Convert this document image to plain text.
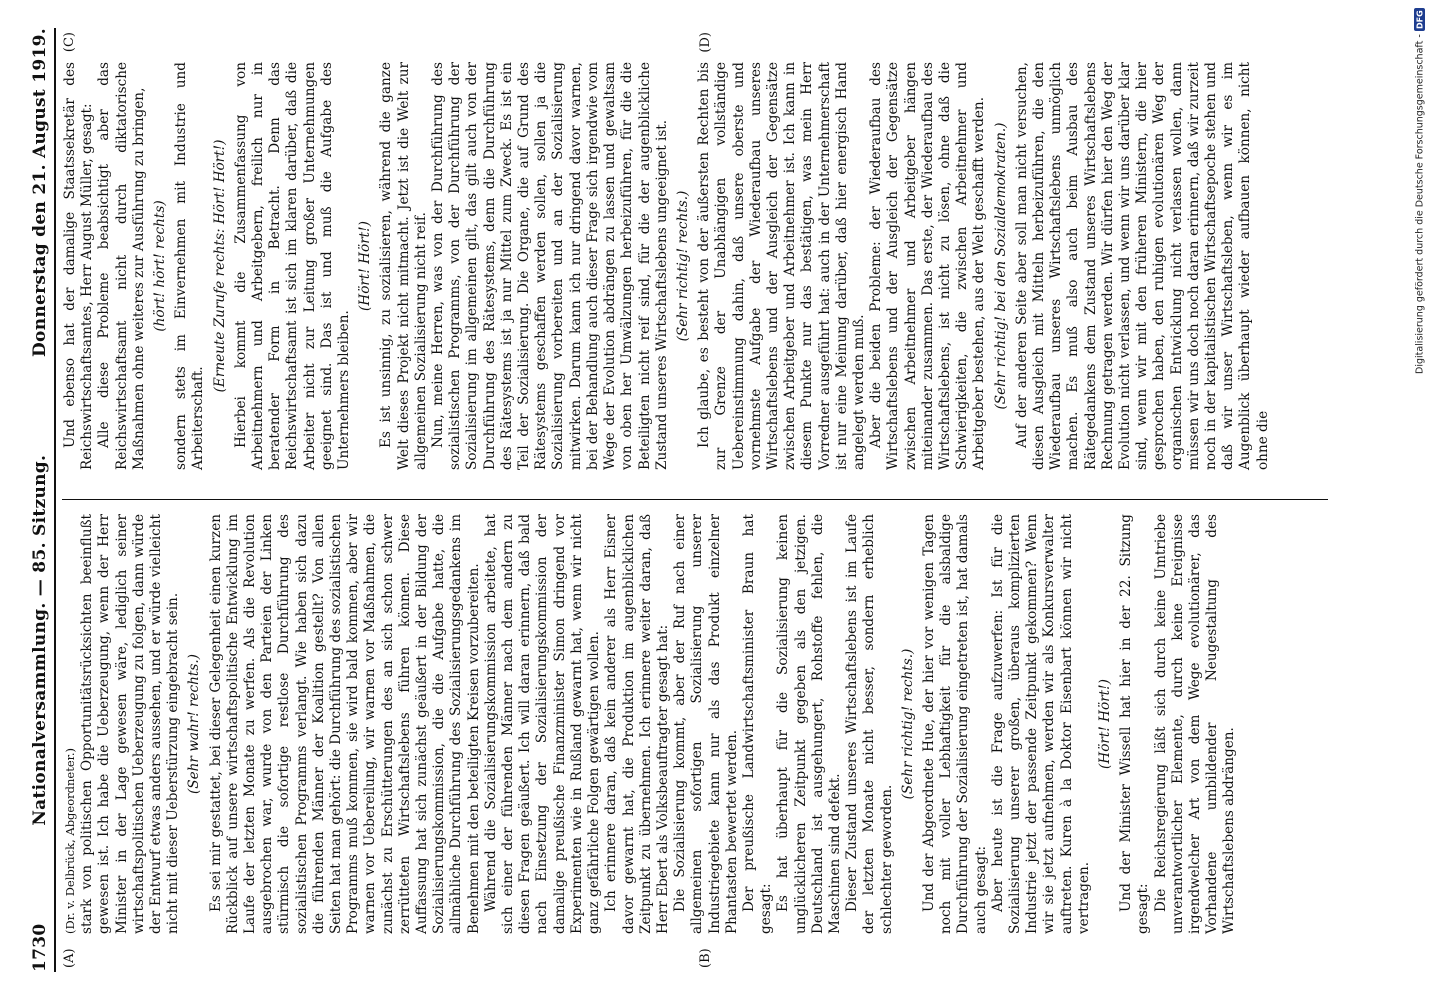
1730
Nationalversammlung. — 85. Sitzung.
Donnerstag den 21. August 1919.
(A)	(B)

(Dr. v. Delbrück, Abgeordneter.) stark von politischen Opportunitätsrücksichten beeinflußt gewesen ist. Ich habe die Ueberzeugung, wenn der Herr Minister in der Lage gewesen wäre, lediglich seiner wirtschaftspolitischen Ueberzeugung zu folgen, dann würde der Entwurf etwas anders aussehen, und er würde vielleicht nicht mit dieser Ueberstürzung eingebracht sein. (Sehr wahr! rechts.) Es sei mir gestattet, bei dieser Gelegenheit einen kurzen Rückblick auf unsere wirtschaftspolitische Entwicklung im Laufe der letzten Monate zu werfen. Als die Revolution ausgebrochen war, wurde von den Parteien der Linken stürmisch die sofortige restlose Durchführung des sozialistischen Programms verlangt. Wie haben sich dazu die führenden Männer der Koalition gestellt? Von allen Seiten hat man gehört: die Durchführung des sozialistischen Programms muß kommen, sie wird bald kommen, aber wir warnen vor Uebereilung, wir warnen vor Maßnahmen, die zunächst zu Erschütterungen des an sich schon schwer zerrütteten Wirtschaftslebens führen können. Diese Auffassung hat sich zunächst geäußert in der Bildung der Sozialisierungskommission, die die Aufgabe hatte, die allmähliche Durchführung des Sozialisierungsgedankens im Benehmen mit den beteiligten Kreisen vorzubereiten. Während die Sozialisierungskommission arbeitete, hat sich einer der führenden Männer nach dem andern zu diesen Fragen geäußert. Ich will daran erinnern, daß bald nach Einsetzung der Sozialisierungskommission der damalige preußische Finanzminister Simon dringend vor Experimenten wie in Rußland gewarnt hat, wenn wir nicht ganz gefährliche Folgen gewärtigen wollen. Ich erinnere daran, daß kein anderer als Herr Eisner davor gewarnt hat, die Produktion im augenblicklichen Zeitpunkt zu übernehmen. Ich erinnere weiter daran, daß Herr Ebert als Volksbeauftragter gesagt hat: Die Sozialisierung kommt, aber der Ruf nach einer allgemeinen sofortigen Sozialisierung unserer Industriegebiete kann nur als das Produkt einzelner Phantasten bewertet werden. Der preußische Landwirtschaftsminister Braun hat gesagt: Es hat überhaupt für die Sozialisierung keinen unglücklicheren Zeitpunkt gegeben als den jetzigen. Deutschland ist ausgehungert, Rohstoffe fehlen, die Maschinen sind defekt. Dieser Zustand unseres Wirtschaftslebens ist im Laufe der letzten Monate nicht besser, sondern erheblich schlechter geworden.

(Sehr richtig! rechts.) Und der Abgeordnete Hue, der hier vor wenigen Tagen noch mit voller Lebhaftigkeit für die alsbaldige Durchführung der Sozialisierung eingetreten ist, hat damals auch gesagt: Aber heute ist die Frage aufzuwerfen: Ist für die Sozialisierung unserer großen, überaus komplizierten Industrie jetzt der passende Zeitpunkt gekommen? Wenn wir sie jetzt aufnehmen, werden wir als Konkursverwalter auftreten. Kuren à la Doktor Eisenbart können wir nicht vertragen.

(Hört! Hört!) Und der Minister Wissell hat hier in der 22. Sitzung gesagt: Die Reichsregierung läßt sich durch keine Umtriebe unverantwortlicher Elemente, durch keine Ereignisse irgendwelcher Art von dem Wege evolutionärer, das Vorhandene umbildender Neugestaltung des Wirtschaftslebens abdrängen.

(C)	(D)

Und ebenso hat der damalige Staatssekretär des Reichswirtschaftsamtes, Herr August Müller, gesagt: Alle diese Probleme beabsichtigt aber das Reichswirtschaftsamt nicht durch diktatorische Maßnahmen ohne weiteres zur Ausführung zu bringen, (hört! hört! rechts) sondern stets im Einvernehmen mit Industrie und Arbeiterschaft.

(Erneute Zurufe rechts: Hört! Hört!) Hierbei kommt die Zusammenfassung von Arbeitnehmern und Arbeitgebern, freilich nur in beratender Form in Betracht. Denn das Reichswirtschaftsamt ist sich im klaren darüber, daß die Arbeiter nicht zur Leitung großer Unternehmungen geeignet sind. Das ist und muß die Aufgabe des Unternehmers bleiben.

(Hört! Hört!) Es ist unsinnig, zu sozialisieren, während die ganze Welt dieses Projekt nicht mitmacht. Jetzt ist die Welt zur allgemeinen Sozialisierung nicht reif. Nun, meine Herren, was von der Durchführung des sozialistischen Programms, von der Durchführung der Sozialisierung im allgemeinen gilt, das gilt auch von der Durchführung des Rätesystems, denn die Durchführung des Rätesystems ist ja nur Mittel zum Zweck. Es ist ein Teil der Sozialisierung. Die Organe, die auf Grund des Rätesystems geschaffen werden sollen, sollen ja die Sozialisierung vorbereiten und an der Sozialisierung mitwirken. Darum kann ich nur dringend davor warnen, bei der Behandlung auch dieser Frage sich irgendwie vom Wege der Evolution abdrängen zu lassen und gewaltsam von oben her Umwälzungen herbeizuführen, für die die Beteiligten nicht reif sind, für die der augenblickliche Zustand unseres Wirtschaftslebens ungeeignet ist. (Sehr richtig! rechts.) Ich glaube, es besteht von der äußersten Rechten bis zur Grenze der Unabhängigen vollständige Uebereinstimmung dahin, daß unsere oberste und vornehmste Aufgabe der Wiederaufbau unseres Wirtschaftslebens und der Ausgleich der Gegensätze zwischen Arbeitgeber und Arbeitnehmer ist. Ich kann in diesem Punkte nur das bestätigen, was mein Herr Vorredner ausgeführt hat: auch in der Unternehmerschaft ist nur eine Meinung darüber, daß hier energisch Hand angelegt werden muß. Aber die beiden Probleme: der Wiederaufbau des Wirtschaftslebens und der Ausgleich der Gegensätze zwischen Arbeitnehmer und Arbeitgeber hängen miteinander zusammen. Das erste, der Wiederaufbau des Wirtschaftslebens, ist nicht zu lösen, ohne daß die Schwierigkeiten, die zwischen Arbeitnehmer und Arbeitgeber bestehen, aus der Welt geschafft werden. (Sehr richtig! bei den Sozialdemokraten.) Auf der anderen Seite aber soll man nicht versuchen, diesen Ausgleich mit Mitteln herbeizuführen, die den Wiederaufbau unseres Wirtschaftslebens unmöglich machen. Es muß also auch beim Ausbau des Rätegedankens dem Zustand unseres Wirtschaftslebens Rechnung getragen werden. Wir dürfen hier den Weg der Evolution nicht verlassen, und wenn wir uns darüber klar sind, wenn wir mit den früheren Ministern, die hier gesprochen haben, den ruhigen evolutionären Weg der organischen Entwicklung nicht verlassen wollen, dann müssen wir uns doch noch daran erinnern, daß wir zurzeit noch in der kapitalistischen Wirtschaftsepoche stehen und daß wir unser Wirtschaftsleben, wenn wir es im Augenblick überhaupt wieder aufbauen können, nicht ohne die

Digitalisierung gefördert durch die Deutsche Forschungsgemeinschaft -
DFG
